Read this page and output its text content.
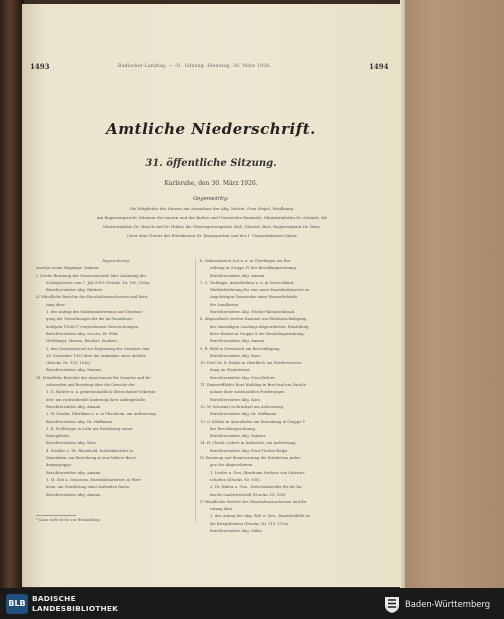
1493	Badischer Landtag. — 31. Sitzung. Dienstag, 30. März 1926.	1494
Amtliche Niederschrift.
31. öffentliche Sitzung.
Karlsruhe, den 30. März 1926.
Gegenwärtig:
Die Mitglieder des Hauses mit Ausnahme der Abg. Martin, Frau Siegel, Weidkamp.
Am Regierungstisch: Minister des Innern und des Kultus und Unterrichts Remmele, Ministerialrätin Dr. Schmitt, die
Ministerialräte Dr. Hirsch und Dr. Huber, die Oberregierungsräte Hoß, Günstel, Reiz, Regierungsrat Dr. Denz.
Unter dem Vorsitz des Präsidenten Dr. Baumgartner und des I. Vizepräsidenten Maier.
Tagesordnung:
Anzeige neuer Eingänge. Sodann:
I. Zweite Beratung des Gesetzentwurfs über Änderung des
Schulgesetzes vom 7. Juli 1910 (Drucks. Nr. 100, 100a).
Berichterstatter Abg. Rückert.
II. Mündliche Berichte des Haushaltsausschusses und Bera-
tung über:
1. den Antrag des Staatsministeriums auf Genehmi-
gung der Verordnungen für die im Staatshaus-
haltsjahr 1926/27 vorgesehenen Neuerichtungen.
Berichterstatter Abg. von Au, Dr. Föhr,
Weißhaupt, Marum, Rückert, Seubert;
2. den Gesetzentwurf zur Ergänzung des Gesetzes vom
28. Dezember 1925 über die Aufnahme einer Anleihe
(Drucks. Nr. 153, 153a).
Berichterstatter Abg. Marum.
III. Mündliche Berichte des Ausschusses für Gesuche und Be-
schwerden und Beratung über die Gesuche der
1. G. Richter u. a. gemeinschaftlich Oberschulrat-Sekretär
betr. um rückwirkende Änderung ihrer Anfangsstelle.
Berichterstatter Abg. Amann.
2. W. Gmelin, Fabrikant u. a. in Pforzheim, um Aufwertung.
Berichterstatter Abg. Dr. Hoffmann.
3. B. Stollberger in Lahr um Erstattung seiner
Ruhegehalts.
Berichterstatter Abg. Kurz.
4. Schäfer u. Th. Rheinhold, Schreibmeister in
Mannheim, um Einreihung in eine höhere Besol-
dungsgruppe.
Berichterstatter Abg. Amann.
5. M. Zeh u. Genossen, Eisenbahnarbeiter, in Wert-
heim, um Gewährung einer laufenden Rente.
Berichterstatter Abg. Amann.
6. Oekonomierat Gut u. a. in Überlingen um Ein-
reihung in Gruppe IV der Besoldungsordnung.
Berichterstatter Abg. Amann.
7. C. Tschöppe, Amtsdirektor u. a. in Deutschland,
Rückbeförderung für eine neue Staatsbedienstete zu
Angehörigen Gemeinden einer Wasserbehörde
der Landkreise.
Berichterstatter Abg. Fischer-Kleinsteinbach.
8. Abgeordnete zweiter Kammer um Rückentschädigung
der ehemaligen Landtags-Abgeordneten. Einstufung
ihrer Renten in Gruppe X der Besoldungsordnung.
Berichterstatter Abg. Amann.
9. B. Blöd in Gernsbach um Beschäftigung.
Berichterstatter Abg. Kurz.
10. Prof. Dr. D. Rekan in Oberkirch um Wiederverwen-
dung im Staatsdienst.
Berichterstatter Abg. Frau Richter.
11. Emmeriffhöfer Rust Waibling in Bruchsal um Zurück-
nahme ihrer ausbezahlten Forderungen.
Berichterstatter Abg. Kurz.
12. W. Schoener in Bruchsal um Aufwertung.
Berichterstatter Abg. Dr. Hoffmann.
13. O. Köhler in Ahrenhofen um Einreihung in Gruppe V
der Besoldungsordnung.
Berichterstatter Abg. Selzner.
14. R. Chrulz, Lehrer in Karlsruhe, um Aufwertung.
Berichterstatter Abg. Frau Fischer-Kulpo.
IV. Beratung und Beantwortung der förmlichen Anfra-
gen der Abgeordneten.
1. Lörder u. Gen. (Bruttoum Verluste von Gastwirt-
schaften (Drucks. Nr. 100).
2. Dr. Walter u. Gen., Zwischenkredite für die ba-
dische Landwirtschaft (Drucks. Nr. 108).
V. Mündlicher Bericht des Haushaltsausschusses und Be-
ratung über
1. den Antrag der Abg. Roß u. Gen., Staatsbeihilfe an
die Kriegsblinden (Drucks. Nr. 119, 119a).
Berichterstatter Abg. Stähr.
* Kann nicht mehr zur Behandlung.
BLB
BADISCHE
LANDESBIBLIOTHEK	Baden-Württemberg
